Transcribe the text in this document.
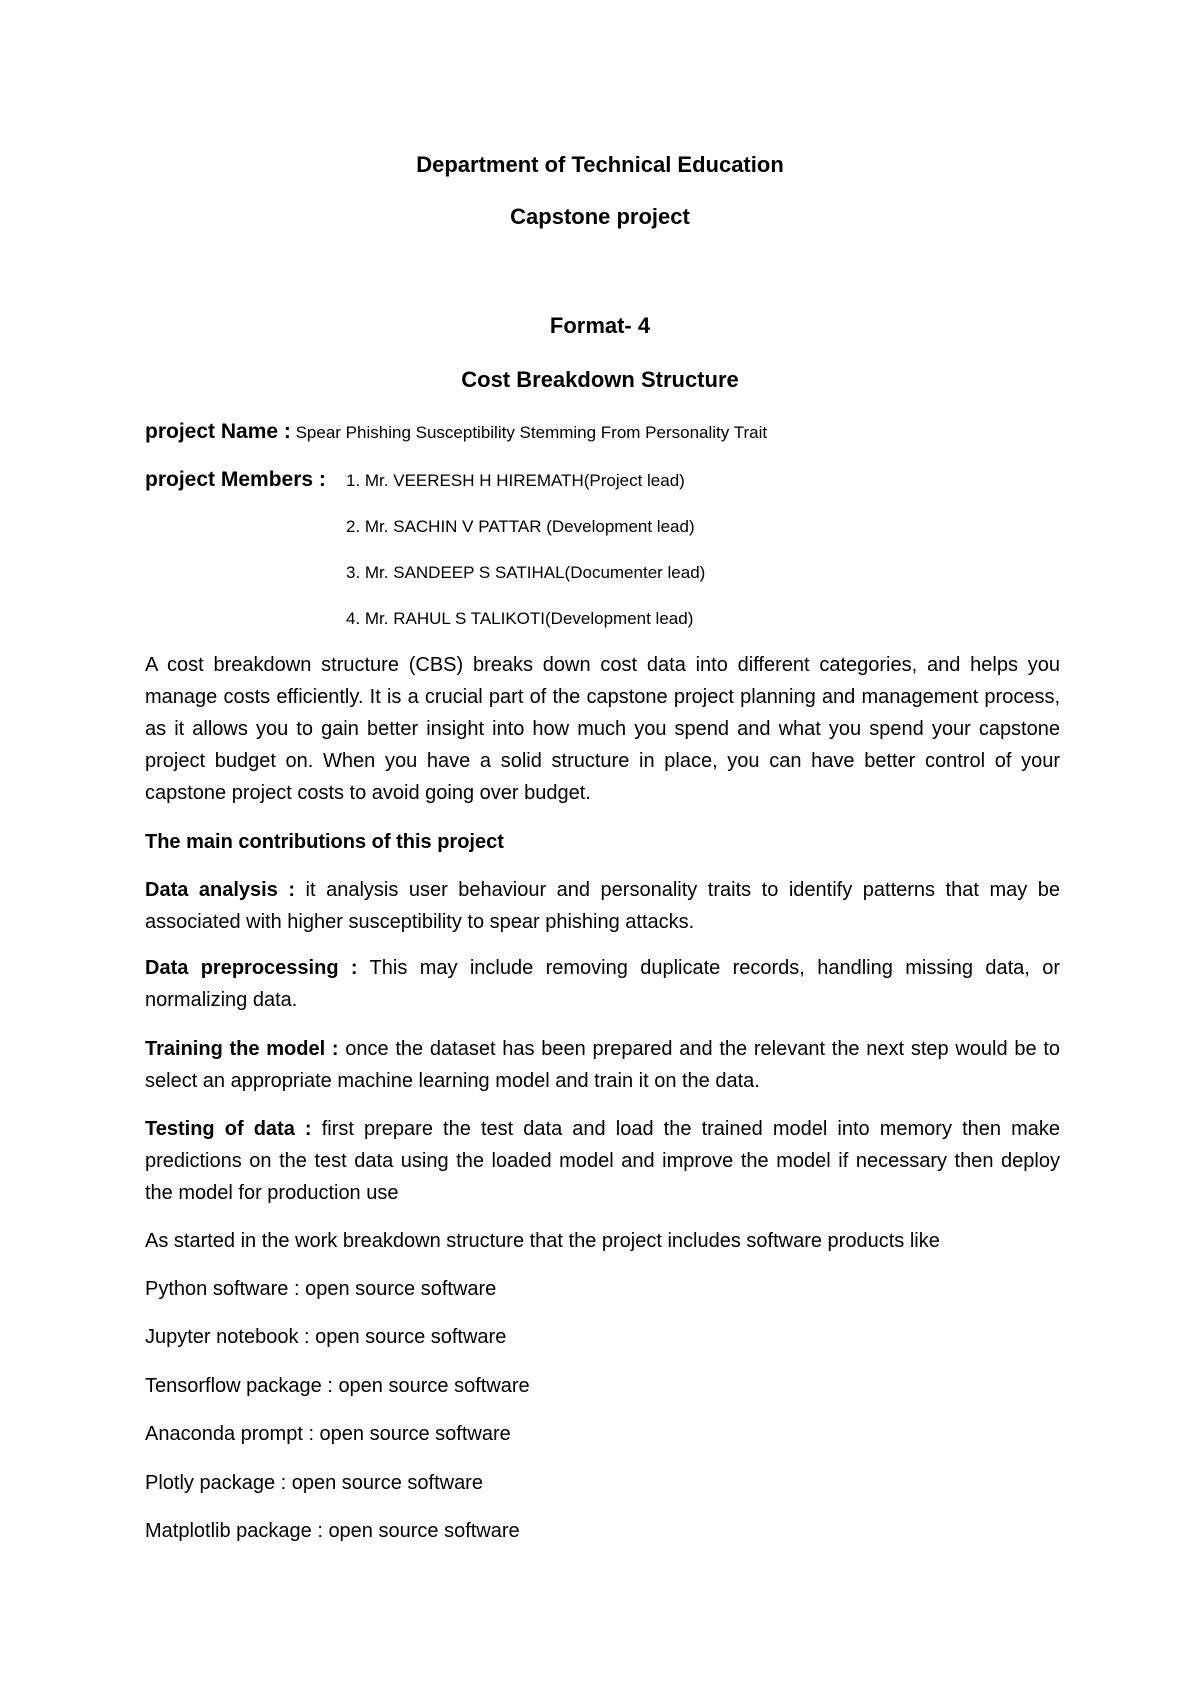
Department of Technical Education
Capstone project
Format- 4
Cost Breakdown Structure
project Name : Spear Phishing Susceptibility Stemming From Personality Trait
project Members : 1. Mr. VEERESH H HIREMATH(Project lead)
2. Mr. SACHIN V PATTAR (Development lead)
3. Mr. SANDEEP S SATIHAL(Documenter lead)
4. Mr. RAHUL S TALIKOTI(Development lead)
A cost breakdown structure (CBS) breaks down cost data into different categories, and helps you manage costs efficiently. It is a crucial part of the capstone project planning and management process, as it allows you to gain better insight into how much you spend and what you spend your capstone project budget on. When you have a solid structure in place, you can have better control of your capstone project costs to avoid going over budget.
The main contributions of this project
Data analysis : it analysis user behaviour and personality traits to identify patterns that may be associated with higher susceptibility to spear phishing attacks.
Data preprocessing : This may include removing duplicate records, handling missing data, or normalizing data.
Training the model : once the dataset has been prepared and the relevant the next step would be to select an appropriate machine learning model and train it on the data.
Testing of data : first prepare the test data and load the trained model into memory then make predictions on the test data using the loaded model and improve the model if necessary then deploy the model for production use
As started in the work breakdown structure that the project includes software products like
Python software : open source software
Jupyter notebook : open source software
Tensorflow package : open source software
Anaconda prompt : open source software
Plotly package : open source software
Matplotlib package : open source software
